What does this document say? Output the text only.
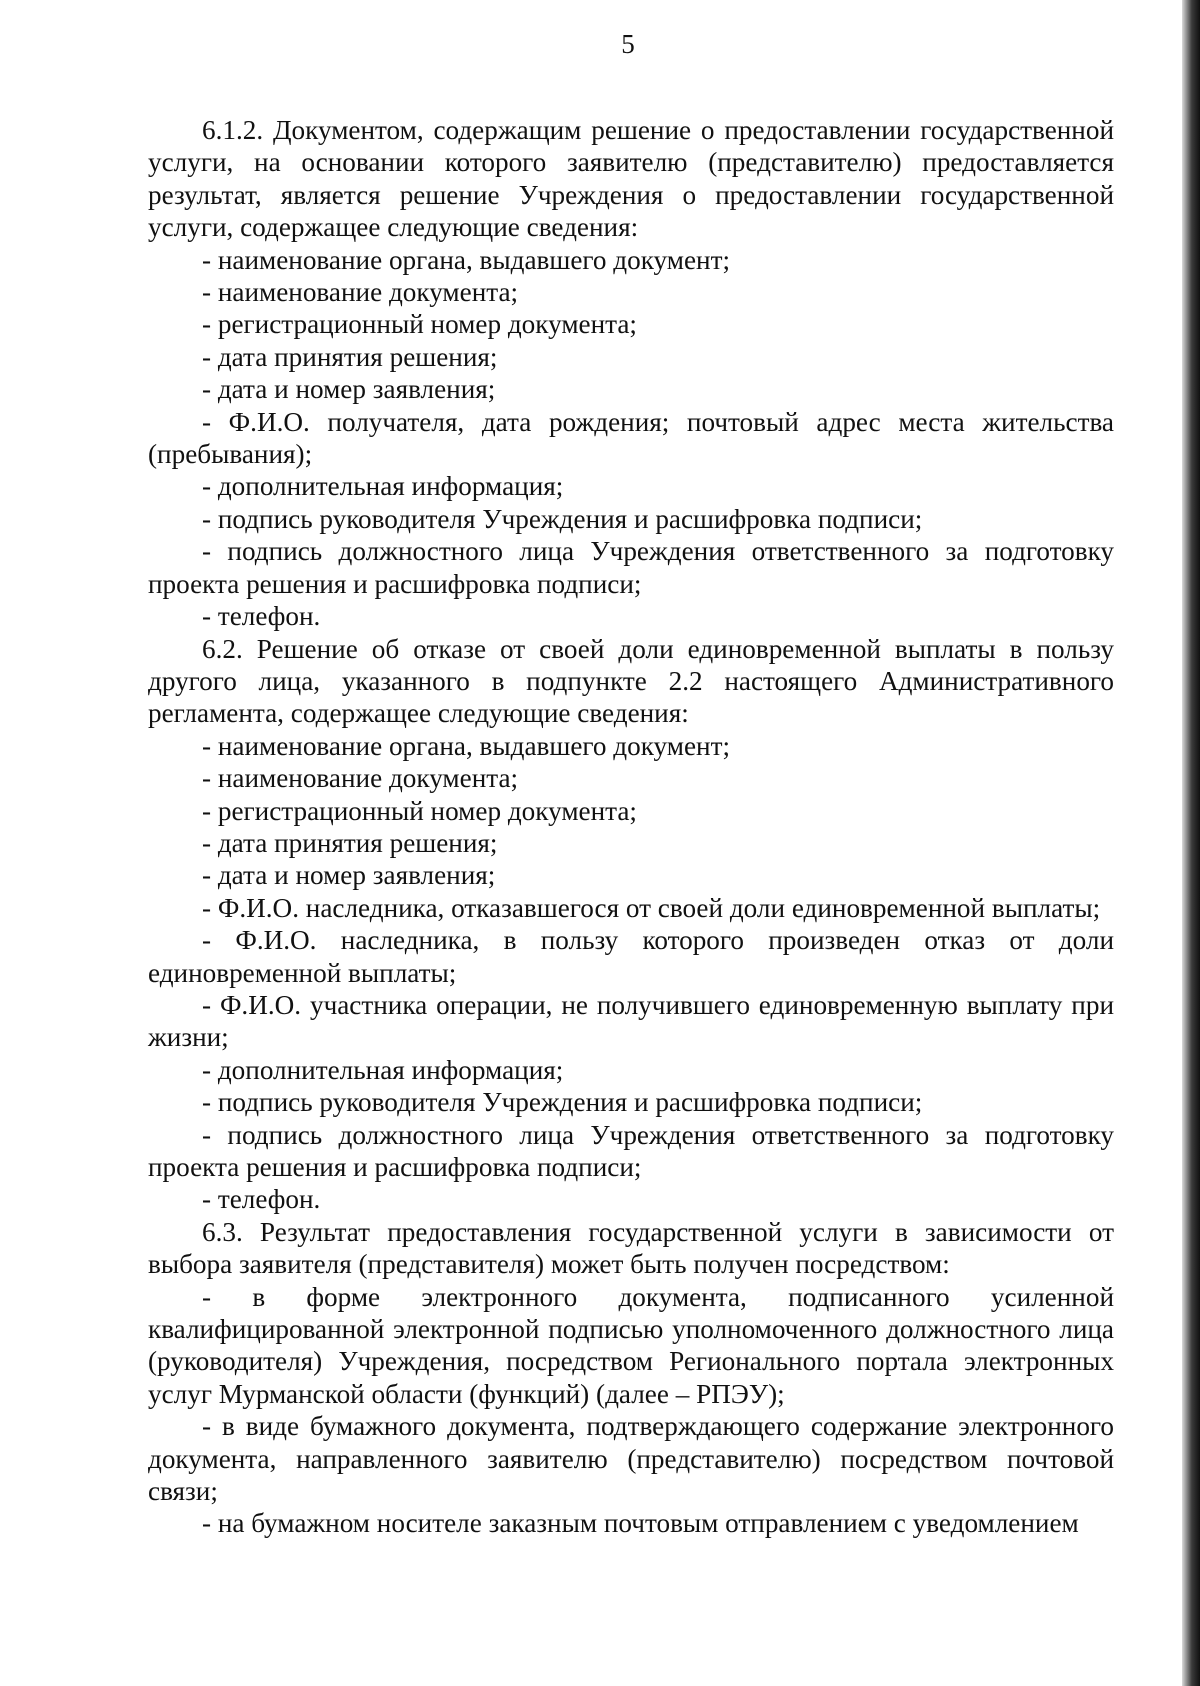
5

6.1.2. Документом, содержащим решение о предоставлении государственной услуги, на основании которого заявителю (представителю) предоставляется результат, является решение Учреждения о предоставлении государственной услуги, содержащее следующие сведения:

- наименование органа, выдавшего документ;

- наименование документа;

- регистрационный номер документа;

- дата принятия решения;

- дата и номер заявления;

- Ф.И.О. получателя, дата рождения; почтовый адрес места жительства (пребывания);

- дополнительная информация;

- подпись руководителя Учреждения и расшифровка подписи;

- подпись должностного лица Учреждения ответственного за подготовку проекта решения и расшифровка подписи;

- телефон.

6.2. Решение об отказе от своей доли единовременной выплаты в пользу другого лица, указанного в подпункте 2.2 настоящего Административного регламента, содержащее следующие сведения:

- наименование органа, выдавшего документ;

- наименование документа;

- регистрационный номер документа;

- дата принятия решения;

- дата и номер заявления;

- Ф.И.О. наследника, отказавшегося от своей доли единовременной выплаты;

- Ф.И.О. наследника, в пользу которого произведен отказ от доли единовременной выплаты;

- Ф.И.О. участника операции, не получившего единовременную выплату при жизни;

- дополнительная информация;

- подпись руководителя Учреждения и расшифровка подписи;

- подпись должностного лица Учреждения ответственного за подготовку проекта решения и расшифровка подписи;

- телефон.

6.3. Результат предоставления государственной услуги в зависимости от выбора заявителя (представителя) может быть получен посредством:

- в форме электронного документа, подписанного усиленной квалифицированной электронной подписью уполномоченного должностного лица (руководителя) Учреждения, посредством Регионального портала электронных услуг Мурманской области (функций) (далее – РПЭУ);

- в виде бумажного документа, подтверждающего содержание электронного документа, направленного заявителю (представителю) посредством почтовой связи;

- на бумажном носителе заказным почтовым отправлением с уведомлением
